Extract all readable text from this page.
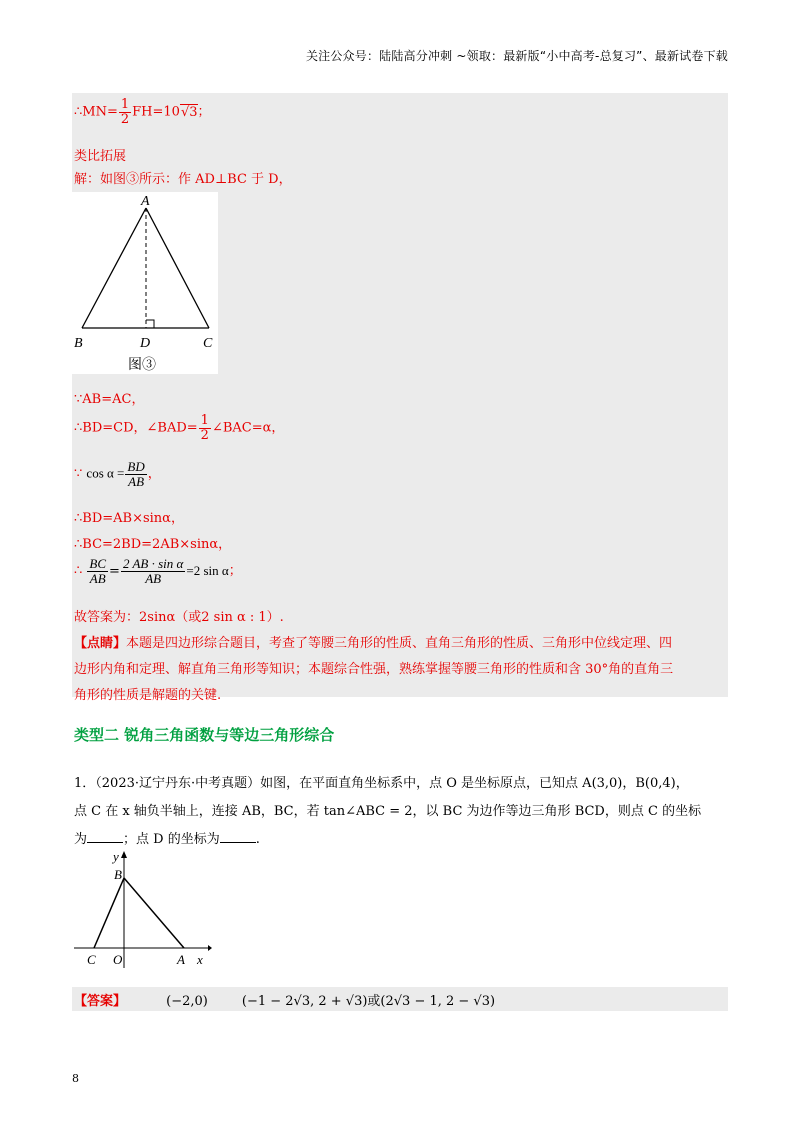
关注公众号：陆陆高分冲刺 ~领取：最新版“小中高考-总复习”、最新试卷下载
∴MN= $\frac{1}{2} FH=10√3$；
类比拓展
解：如图③所示：作 AD⊥BC 于 D，
A
B	D	C
图③
∵AB=AC，
∴BD=CD，∠BAD= $\frac{1}{2}$ ∠BAC=α，
∵ $\cos \alpha = \frac{BD}{AB}$ ，
∴BD=AB×sinα，
∴BC=2BD=2AB×sinα，
∴ $\frac{BC}{AB} = \frac{\text{2 AB · sin α}}{AB} =2$ sin α；
故答案为：2sinα（或2 sin α : 1）.
【点睛】本题是四边形综合题目，考查了等腰三角形的性质、直角三角形的性质、三角形中位线定理、四
边形内角和定理、解直角三角形等知识；本题综合性强，熟练掌握等腰三角形的性质和含 30°角的直角三
角形的性质是解题的关键.
类型二 锐角三角函数与等边三角形综合
1．（2023·辽宁丹东·中考真题）如图，在平面直角坐标系中，点 O 是坐标原点，已知点 A(3,0)，B(0,4)，
点 C 在 x 轴负半轴上，连接 AB，BC，若 tan∠ABC = 2，以 BC 为边作等边三角形 BCD，则点 C 的坐标
为	；点 D 的坐标为	.
y
B
C O	A x
【答案】	(−2,0)	(−1 − 2√3, 2 + √3)或(2√3 − 1, 2 − √3)
8
